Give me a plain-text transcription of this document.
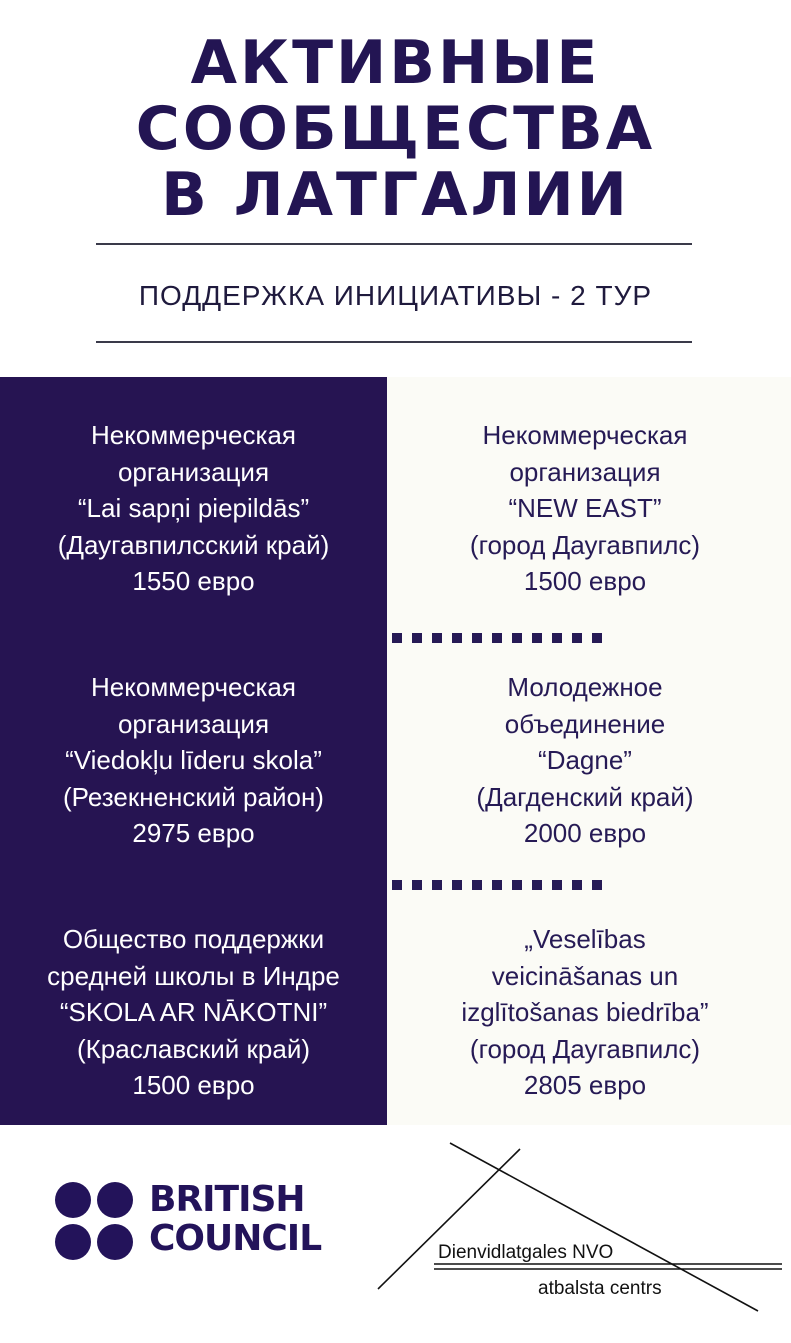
АКТИВНЫЕ
СООБЩЕСТВА
В ЛАТГАЛИИ
ПОДДЕРЖКА ИНИЦИАТИВЫ - 2 ТУР
Некоммерческая
организация
“Lai sapņi piepildās”
(Даугавпилсский край)
1550 евро
Некоммерческая
организация
“Viedokļu līderu skola”
(Резекненский район)
2975 евро
Общество поддержки
средней школы в Индре
“SKOLA AR NĀKOTNI”
(Краславский край)
1500 евро
Некоммерческая
организация
“NEW EAST”
(город Даугавпилс)
1500 евро
Молодежное
объединение
“Dagne”
(Дагденский край)
2000 евро
„Veselības
veicināšanas un
izglītošanas biedrība”
(город Даугавпилс)
2805 евро
BRITISH
COUNCIL	Dienvidlatgales NVO
atbalsta centrs
